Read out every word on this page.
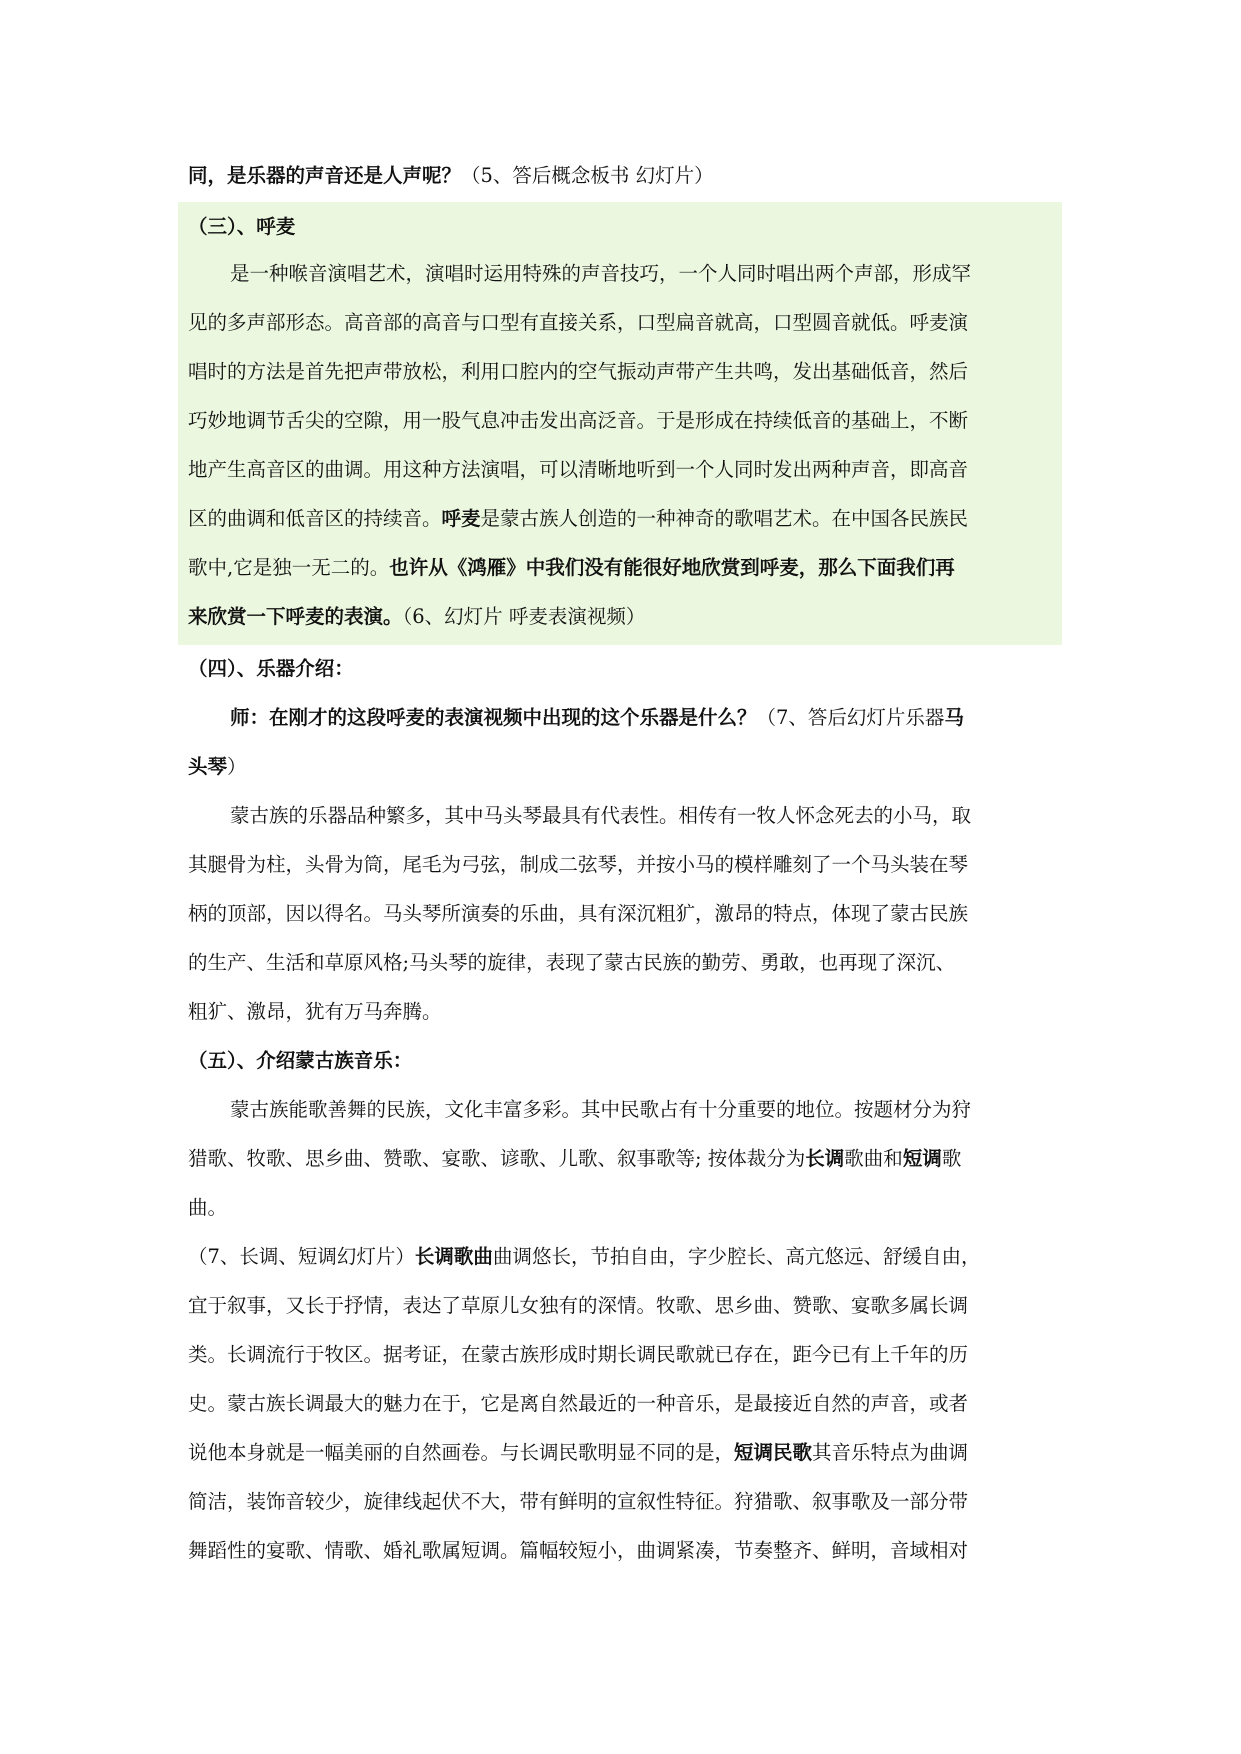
同，是乐器的声音还是人声呢？（5、答后概念板书 幻灯片）
（三）、呼麦
是一种喉音演唱艺术，演唱时运用特殊的声音技巧，一个人同时唱出两个声部，形成罕
见的多声部形态。高音部的高音与口型有直接关系，口型扁音就高，口型圆音就低。呼麦演
唱时的方法是首先把声带放松，利用口腔内的空气振动声带产生共鸣，发出基础低音，然后
巧妙地调节舌尖的空隙，用一股气息冲击发出高泛音。于是形成在持续低音的基础上，不断
地产生高音区的曲调。用这种方法演唱，可以清晰地听到一个人同时发出两种声音，即高音
区的曲调和低音区的持续音。呼麦是蒙古族人创造的一种神奇的歌唱艺术。在中国各民族民
歌中,它是独一无二的。也许从《鸿雁》中我们没有能很好地欣赏到呼麦，那么下面我们再
来欣赏一下呼麦的表演。（6、幻灯片 呼麦表演视频）
（四）、乐器介绍：
师：在刚才的这段呼麦的表演视频中出现的这个乐器是什么？（7、答后幻灯片乐器马
头琴）
蒙古族的乐器品种繁多，其中马头琴最具有代表性。相传有一牧人怀念死去的小马，取
其腿骨为柱，头骨为筒，尾毛为弓弦，制成二弦琴，并按小马的模样雕刻了一个马头装在琴
柄的顶部，因以得名。马头琴所演奏的乐曲，具有深沉粗犷，激昂的特点，体现了蒙古民族
的生产、生活和草原风格;马头琴的旋律，表现了蒙古民族的勤劳、勇敢，也再现了深沉、
粗犷、激昂，犹有万马奔腾。
（五）、介绍蒙古族音乐：
蒙古族能歌善舞的民族，文化丰富多彩。其中民歌占有十分重要的地位。按题材分为狩
猎歌、牧歌、思乡曲、赞歌、宴歌、谚歌、儿歌、叙事歌等; 按体裁分为长调歌曲和短调歌
曲。
（7、长调、短调幻灯片）长调歌曲曲调悠长，节拍自由，字少腔长、高亢悠远、舒缓自由，
宜于叙事，又长于抒情，表达了草原儿女独有的深情。牧歌、思乡曲、赞歌、宴歌多属长调
类。长调流行于牧区。据考证，在蒙古族形成时期长调民歌就已存在，距今已有上千年的历
史。蒙古族长调最大的魅力在于，它是离自然最近的一种音乐，是最接近自然的声音，或者
说他本身就是一幅美丽的自然画卷。与长调民歌明显不同的是，短调民歌其音乐特点为曲调
简洁，装饰音较少，旋律线起伏不大，带有鲜明的宣叙性特征。狩猎歌、叙事歌及一部分带
舞蹈性的宴歌、情歌、婚礼歌属短调。篇幅较短小，曲调紧凑，节奏整齐、鲜明，音域相对
